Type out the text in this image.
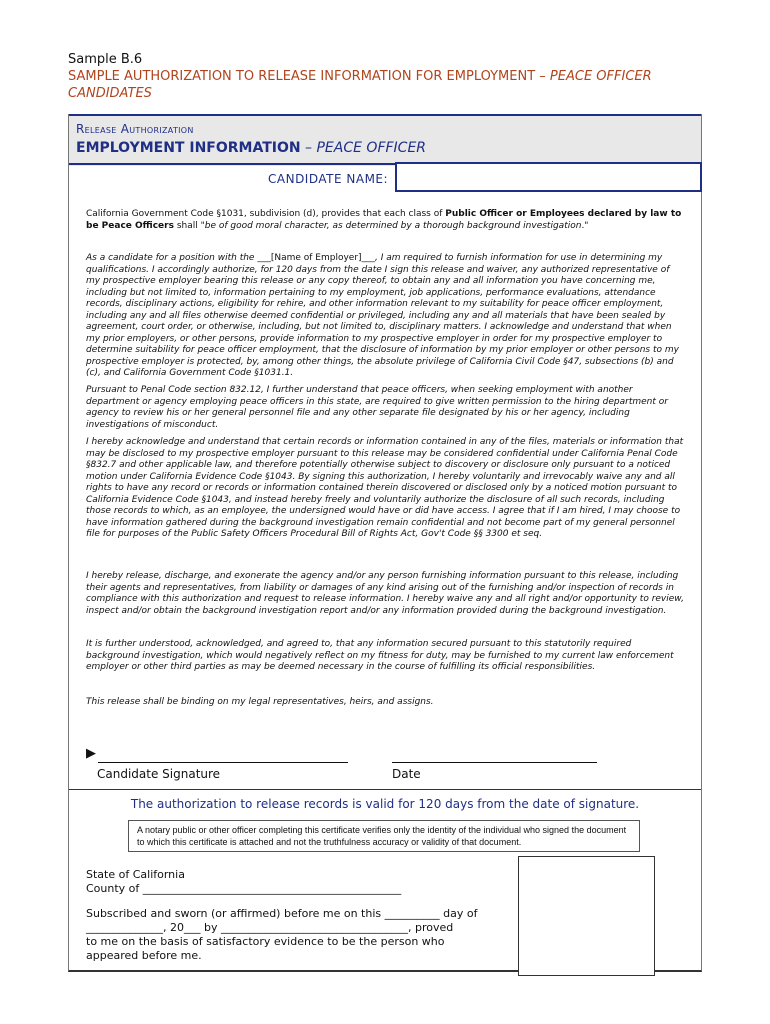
Sample B.6
SAMPLE AUTHORIZATION TO RELEASE INFORMATION FOR EMPLOYMENT – PEACE OFFICER CANDIDATES
Release Authorization
EMPLOYMENT INFORMATION – PEACE OFFICER
CANDIDATE NAME:
California Government Code §1031, subdivision (d), provides that each class of Public Officer or Employees declared by law to be Peace Officers shall "be of good moral character, as determined by a thorough background investigation."
As a candidate for a position with the ___[Name of Employer]___, I am required to furnish information for use in determining my qualifications. I accordingly authorize, for 120 days from the date I sign this release and waiver, any authorized representative of my prospective employer bearing this release or any copy thereof, to obtain any and all information you have concerning me, including but not limited to, information pertaining to my employment, job applications, performance evaluations, attendance records, disciplinary actions, eligibility for rehire, and other information relevant to my suitability for peace officer employment, including any and all files otherwise deemed confidential or privileged, including any and all materials that have been sealed by agreement, court order, or otherwise, including, but not limited to, disciplinary matters. I acknowledge and understand that when my prior employers, or other persons, provide information to my prospective employer in order for my prospective employer to determine suitability for peace officer employment, that the disclosure of information by my prior employer or other persons to my prospective employer is protected, by, among other things, the absolute privilege of California Civil Code §47, subsections (b) and (c), and California Government Code §1031.1.
Pursuant to Penal Code section 832.12, I further understand that peace officers, when seeking employment with another department or agency employing peace officers in this state, are required to give written permission to the hiring department or agency to review his or her general personnel file and any other separate file designated by his or her agency, including investigations of misconduct.
I hereby acknowledge and understand that certain records or information contained in any of the files, materials or information that may be disclosed to my prospective employer pursuant to this release may be considered confidential under California Penal Code §832.7 and other applicable law, and therefore potentially otherwise subject to discovery or disclosure only pursuant to a noticed motion under California Evidence Code §1043. By signing this authorization, I hereby voluntarily and irrevocably waive any and all rights to have any record or records or information contained therein discovered or disclosed only by a noticed motion pursuant to California Evidence Code §1043, and instead hereby freely and voluntarily authorize the disclosure of all such records, including those records to which, as an employee, the undersigned would have or did have access. I agree that if I am hired, I may choose to have information gathered during the background investigation remain confidential and not become part of my general personnel file for purposes of the Public Safety Officers Procedural Bill of Rights Act, Gov't Code §§ 3300 et seq.
I hereby release, discharge, and exonerate the agency and/or any person furnishing information pursuant to this release, including their agents and representatives, from liability or damages of any kind arising out of the furnishing and/or inspection of records in compliance with this authorization and request to release information. I hereby waive any and all right and/or opportunity to review, inspect and/or obtain the background investigation report and/or any information provided during the background investigation.
It is further understood, acknowledged, and agreed to, that any information secured pursuant to this statutorily required background investigation, which would negatively reflect on my fitness for duty, may be furnished to my current law enforcement employer or other third parties as may be deemed necessary in the course of fulfilling its official responsibilities.
This release shall be binding on my legal representatives, heirs, and assigns.
▶
Candidate Signature	Date
The authorization to release records is valid for 120 days from the date of signature.
A notary public or other officer completing this certificate verifies only the identity of the individual who signed the document to which this certificate is attached and not the truthfulness accuracy or validity of that document.
State of California
County of _______________________________________________
Subscribed and sworn (or affirmed) before me on this __________ day of
______________, 20___ by __________________________________, proved
to me on the basis of satisfactory evidence to be the person who
appeared before me.
